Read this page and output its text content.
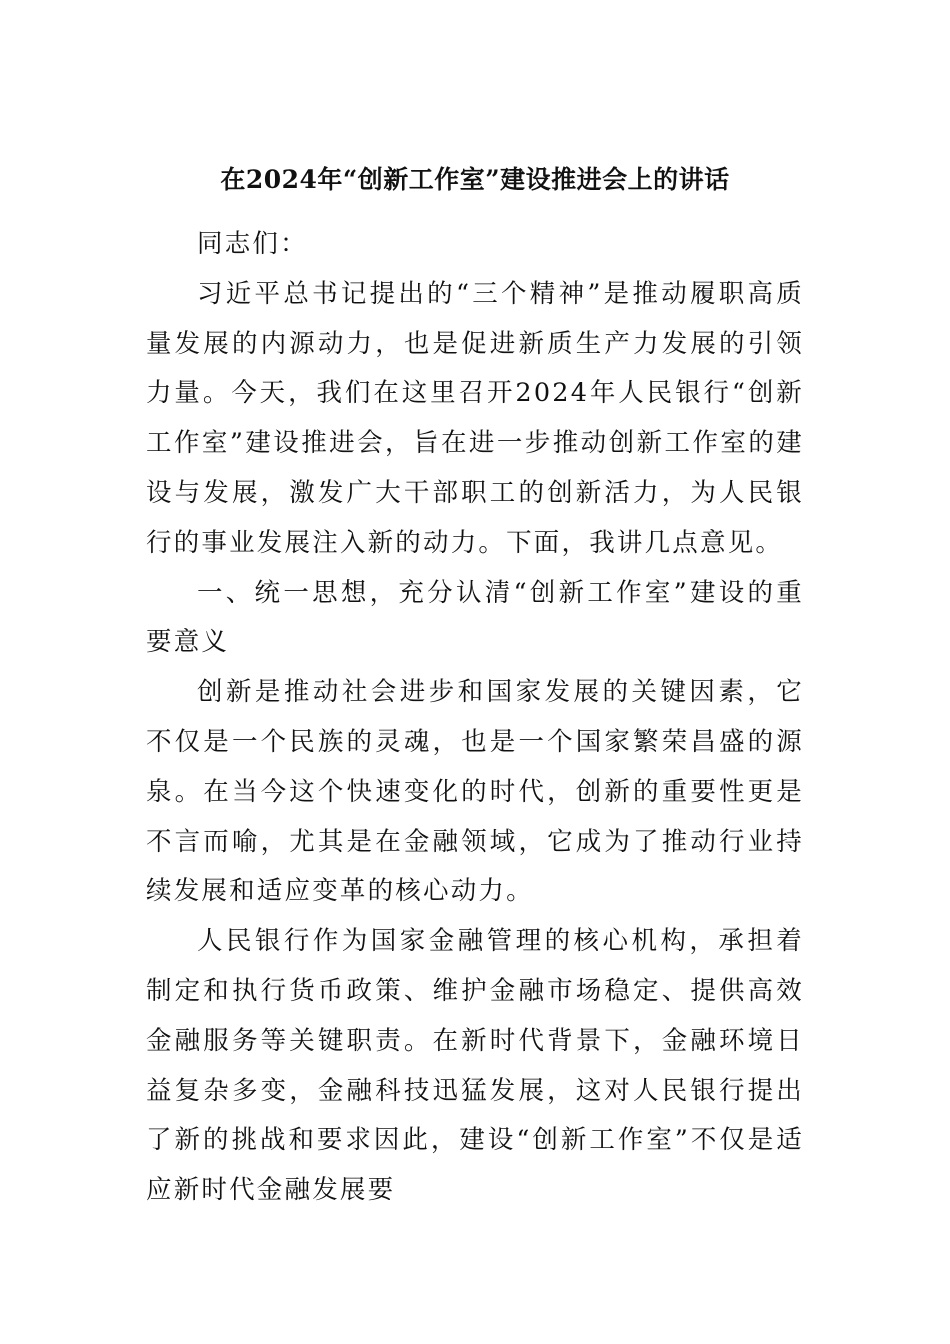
在2024年“创新工作室”建设推进会上的讲话

同志们：

习近平总书记提出的“三个精神”是推动履职高质量发展的内源动力，也是促进新质生产力发展的引领力量。今天，我们在这里召开2024年人民银行“创新工作室”建设推进会，旨在进一步推动创新工作室的建设与发展，激发广大干部职工的创新活力，为人民银行的事业发展注入新的动力。下面，我讲几点意见。

一、统一思想，充分认清“创新工作室”建设的重要意义

创新是推动社会进步和国家发展的关键因素，它不仅是一个民族的灵魂，也是一个国家繁荣昌盛的源泉。在当今这个快速变化的时代，创新的重要性更是不言而喻，尤其是在金融领域，它成为了推动行业持续发展和适应变革的核心动力。

人民银行作为国家金融管理的核心机构，承担着制定和执行货币政策、维护金融市场稳定、提供高效金融服务等关键职责。在新时代背景下，金融环境日益复杂多变，金融科技迅猛发展，这对人民银行提出了新的挑战和要求因此，建设“创新工作室”不仅是适应新时代金融发展要
